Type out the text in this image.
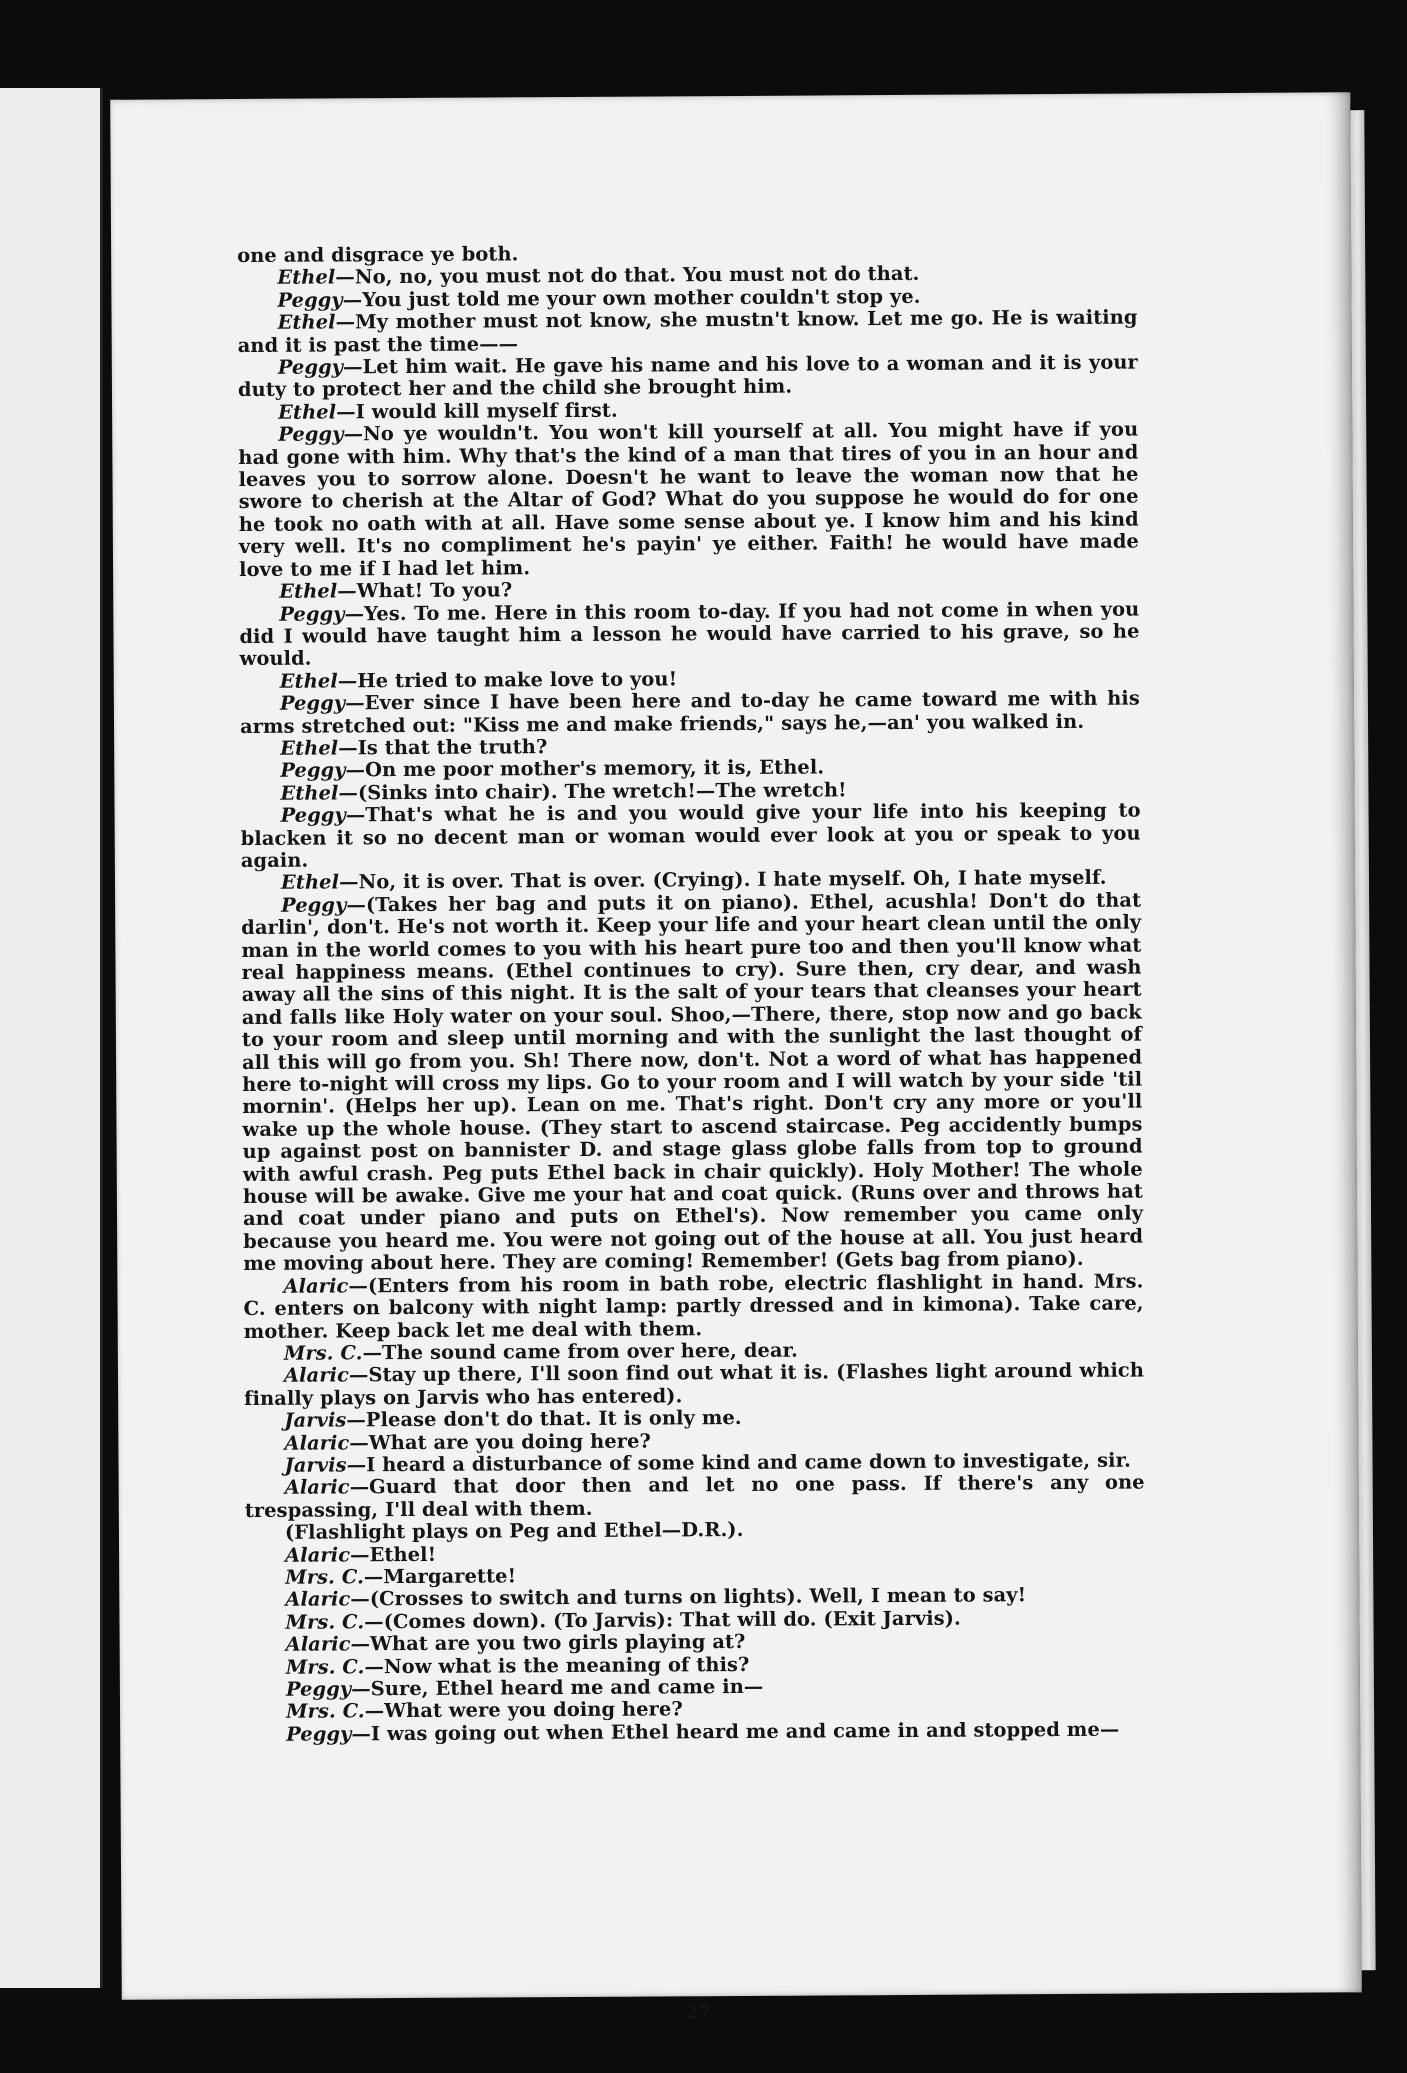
one and disgrace ye both.

Ethel—No, no, you must not do that. You must not do that.

Peggy—You just told me your own mother couldn't stop ye.

Ethel—My mother must not know, she mustn't know. Let me go. He is waiting and it is past the time——

Peggy—Let him wait. He gave his name and his love to a woman and it is your duty to protect her and the child she brought him.

Ethel—I would kill myself first.

Peggy—No ye wouldn't. You won't kill yourself at all. You might have if you had gone with him. Why that's the kind of a man that tires of you in an hour and leaves you to sorrow alone. Doesn't he want to leave the woman now that he swore to cherish at the Altar of God? What do you suppose he would do for one he took no oath with at all. Have some sense about ye. I know him and his kind very well. It's no compliment he's payin' ye either. Faith! he would have made love to me if I had let him.

Ethel—What! To you?

Peggy—Yes. To me. Here in this room to-day. If you had not come in when you did I would have taught him a lesson he would have carried to his grave, so he would.

Ethel—He tried to make love to you!

Peggy—Ever since I have been here and to-day he came toward me with his arms stretched out: "Kiss me and make friends," says he,—an' you walked in.

Ethel—Is that the truth?

Peggy—On me poor mother's memory, it is, Ethel.

Ethel—(Sinks into chair). The wretch!—The wretch!

Peggy—That's what he is and you would give your life into his keeping to blacken it so no decent man or woman would ever look at you or speak to you again.

Ethel—No, it is over. That is over. (Crying). I hate myself. Oh, I hate myself.

Peggy—(Takes her bag and puts it on piano). Ethel, acushla! Don't do that darlin', don't. He's not worth it. Keep your life and your heart clean until the only man in the world comes to you with his heart pure too and then you'll know what real happiness means. (Ethel continues to cry). Sure then, cry dear, and wash away all the sins of this night. It is the salt of your tears that cleanses your heart and falls like Holy water on your soul. Shoo,—There, there, stop now and go back to your room and sleep until morning and with the sunlight the last thought of all this will go from you. Sh! There now, don't. Not a word of what has happened here to-night will cross my lips. Go to your room and I will watch by your side 'til mornin'. (Helps her up). Lean on me. That's right. Don't cry any more or you'll wake up the whole house. (They start to ascend staircase. Peg accidently bumps up against post on bannister D. and stage glass globe falls from top to ground with awful crash. Peg puts Ethel back in chair quickly). Holy Mother! The whole house will be awake. Give me your hat and coat quick. (Runs over and throws hat and coat under piano and puts on Ethel's). Now remember you came only because you heard me. You were not going out of the house at all. You just heard me moving about here. They are coming! Remember! (Gets bag from piano).

Alaric—(Enters from his room in bath robe, electric flashlight in hand. Mrs. C. enters on balcony with night lamp: partly dressed and in kimona). Take care, mother. Keep back let me deal with them.

Mrs. C.—The sound came from over here, dear.

Alaric—Stay up there, I'll soon find out what it is. (Flashes light around which finally plays on Jarvis who has entered).

Jarvis—Please don't do that. It is only me.

Alaric—What are you doing here?

Jarvis—I heard a disturbance of some kind and came down to investigate, sir.

Alaric—Guard that door then and let no one pass. If there's any one trespassing, I'll deal with them.

(Flashlight plays on Peg and Ethel—D.R.).

Alaric—Ethel!

Mrs. C.—Margarette!

Alaric—(Crosses to switch and turns on lights). Well, I mean to say!

Mrs. C.—(Comes down). (To Jarvis): That will do. (Exit Jarvis).

Alaric—What are you two girls playing at?

Mrs. C.—Now what is the meaning of this?

Peggy—Sure, Ethel heard me and came in—

Mrs. C.—What were you doing here?

Peggy—I was going out when Ethel heard me and came in and stopped me—

27
